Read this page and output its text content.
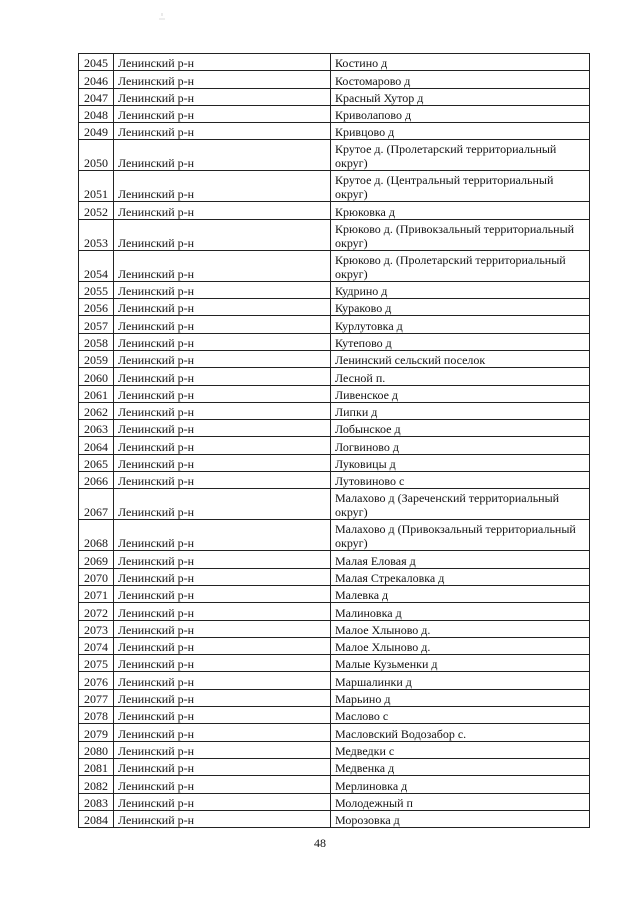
2045	Ленинский р-н	Костино д
2046	Ленинский р-н	Костомарово д
2047	Ленинский р-н	Красный Хутор д
2048	Ленинский р-н	Криволапово д
2049	Ленинский р-н	Кривцово д
2050	Ленинский р-н	Крутое д. (Пролетарский территориальный округ)
2051	Ленинский р-н	Крутое д. (Центральный территориальный округ)
2052	Ленинский р-н	Крюковка д
2053	Ленинский р-н	Крюково д. (Привокзальный территориальный округ)
2054	Ленинский р-н	Крюково д. (Пролетарский территориальный округ)
2055	Ленинский р-н	Кудрино д
2056	Ленинский р-н	Кураково д
2057	Ленинский р-н	Курлутовка д
2058	Ленинский р-н	Кутепово д
2059	Ленинский р-н	Ленинский сельский поселок
2060	Ленинский р-н	Лесной п.
2061	Ленинский р-н	Ливенское д
2062	Ленинский р-н	Липки д
2063	Ленинский р-н	Лобынское д
2064	Ленинский р-н	Логвиново д
2065	Ленинский р-н	Луковицы д
2066	Ленинский р-н	Лутовиново с
2067	Ленинский р-н	Малахово д (Зареченский территориальный округ)
2068	Ленинский р-н	Малахово д (Привокзальный территориальный округ)
2069	Ленинский р-н	Малая Еловая д
2070	Ленинский р-н	Малая Стрекаловка д
2071	Ленинский р-н	Малевка д
2072	Ленинский р-н	Малиновка д
2073	Ленинский р-н	Малое Хлыново д.
2074	Ленинский р-н	Малое Хлыново д.
2075	Ленинский р-н	Малые Кузьменки д
2076	Ленинский р-н	Маршалинки д
2077	Ленинский р-н	Марьино д
2078	Ленинский р-н	Маслово с
2079	Ленинский р-н	Масловский Водозабор с.
2080	Ленинский р-н	Медведки с
2081	Ленинский р-н	Медвенка д
2082	Ленинский р-н	Мерлиновка д
2083	Ленинский р-н	Молодежный п
2084	Ленинский р-н	Морозовка д
48
